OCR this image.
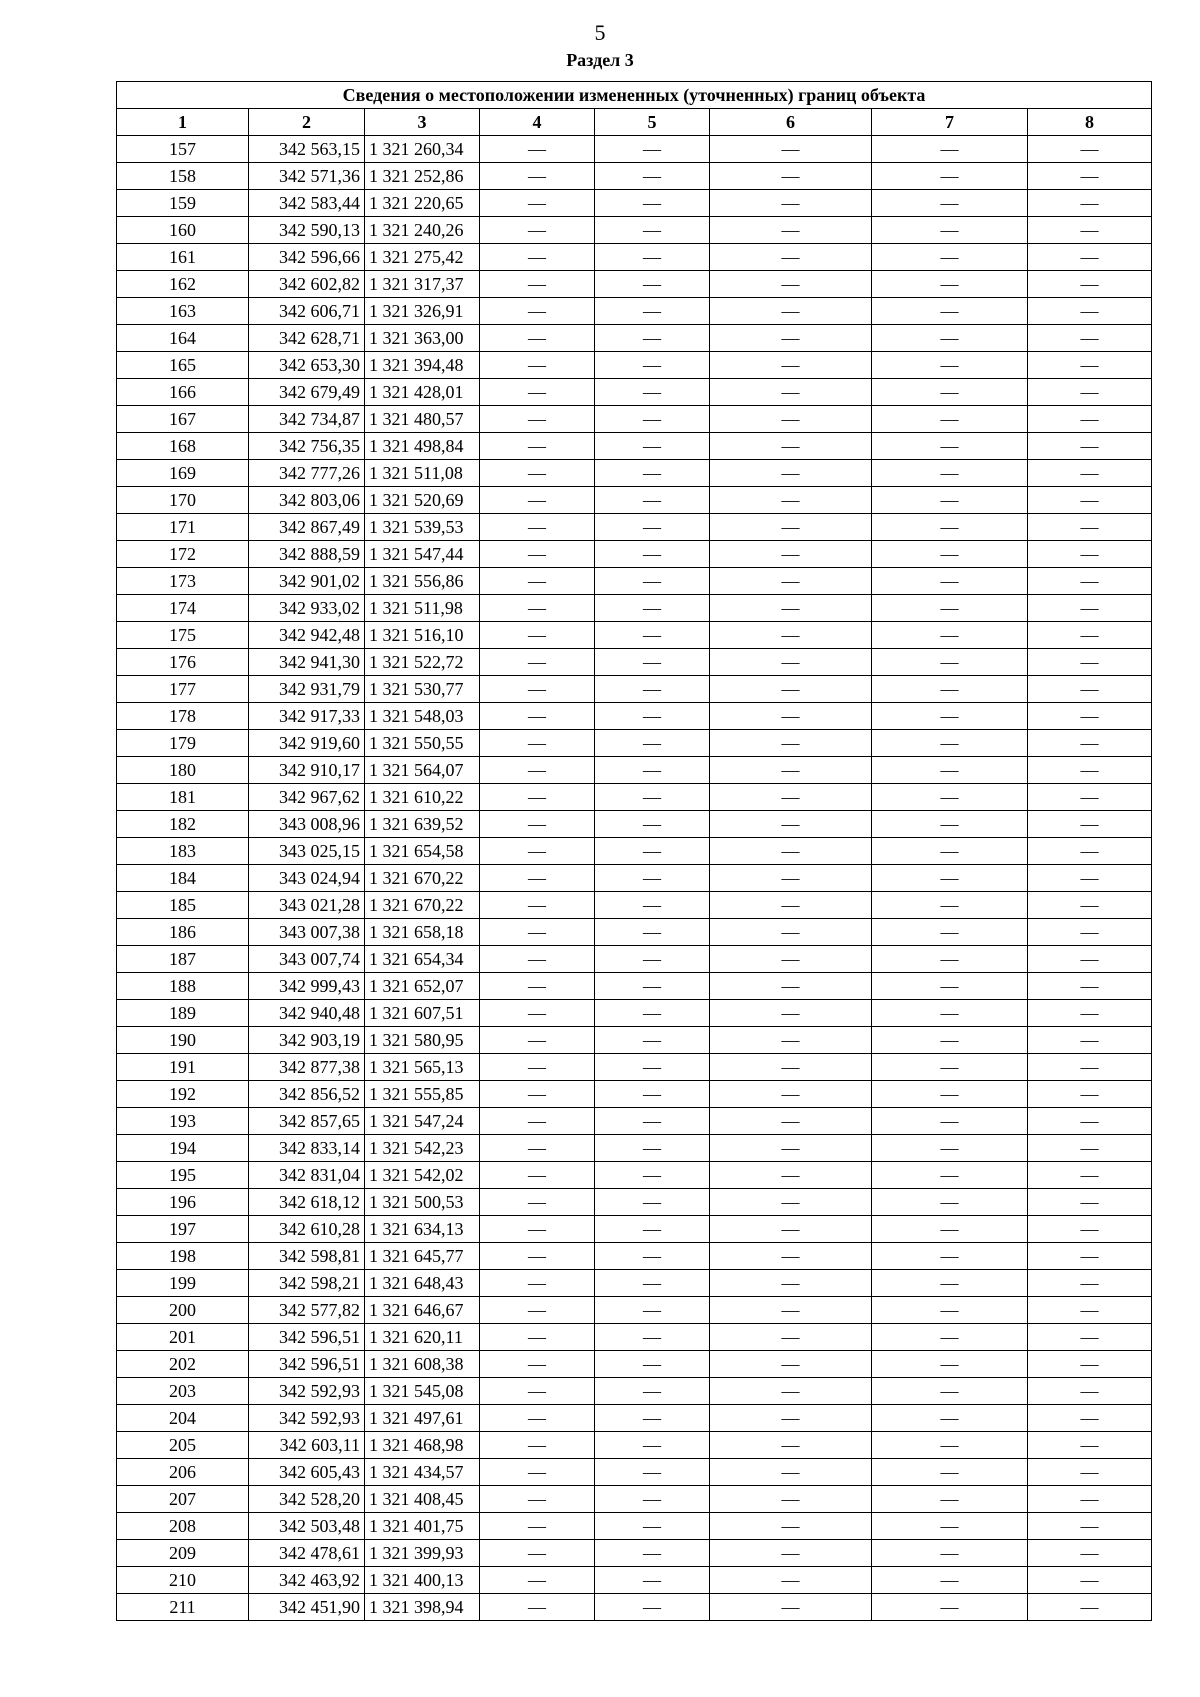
5
Раздел 3
Сведения о местоположении измененных (уточненных) границ объекта							
1	2	3	4	5	6	7	8
157	342 563,15	1 321 260,34	—	—	—	—	—
158	342 571,36	1 321 252,86	—	—	—	—	—
159	342 583,44	1 321 220,65	—	—	—	—	—
160	342 590,13	1 321 240,26	—	—	—	—	—
161	342 596,66	1 321 275,42	—	—	—	—	—
162	342 602,82	1 321 317,37	—	—	—	—	—
163	342 606,71	1 321 326,91	—	—	—	—	—
164	342 628,71	1 321 363,00	—	—	—	—	—
165	342 653,30	1 321 394,48	—	—	—	—	—
166	342 679,49	1 321 428,01	—	—	—	—	—
167	342 734,87	1 321 480,57	—	—	—	—	—
168	342 756,35	1 321 498,84	—	—	—	—	—
169	342 777,26	1 321 511,08	—	—	—	—	—
170	342 803,06	1 321 520,69	—	—	—	—	—
171	342 867,49	1 321 539,53	—	—	—	—	—
172	342 888,59	1 321 547,44	—	—	—	—	—
173	342 901,02	1 321 556,86	—	—	—	—	—
174	342 933,02	1 321 511,98	—	—	—	—	—
175	342 942,48	1 321 516,10	—	—	—	—	—
176	342 941,30	1 321 522,72	—	—	—	—	—
177	342 931,79	1 321 530,77	—	—	—	—	—
178	342 917,33	1 321 548,03	—	—	—	—	—
179	342 919,60	1 321 550,55	—	—	—	—	—
180	342 910,17	1 321 564,07	—	—	—	—	—
181	342 967,62	1 321 610,22	—	—	—	—	—
182	343 008,96	1 321 639,52	—	—	—	—	—
183	343 025,15	1 321 654,58	—	—	—	—	—
184	343 024,94	1 321 670,22	—	—	—	—	—
185	343 021,28	1 321 670,22	—	—	—	—	—
186	343 007,38	1 321 658,18	—	—	—	—	—
187	343 007,74	1 321 654,34	—	—	—	—	—
188	342 999,43	1 321 652,07	—	—	—	—	—
189	342 940,48	1 321 607,51	—	—	—	—	—
190	342 903,19	1 321 580,95	—	—	—	—	—
191	342 877,38	1 321 565,13	—	—	—	—	—
192	342 856,52	1 321 555,85	—	—	—	—	—
193	342 857,65	1 321 547,24	—	—	—	—	—
194	342 833,14	1 321 542,23	—	—	—	—	—
195	342 831,04	1 321 542,02	—	—	—	—	—
196	342 618,12	1 321 500,53	—	—	—	—	—
197	342 610,28	1 321 634,13	—	—	—	—	—
198	342 598,81	1 321 645,77	—	—	—	—	—
199	342 598,21	1 321 648,43	—	—	—	—	—
200	342 577,82	1 321 646,67	—	—	—	—	—
201	342 596,51	1 321 620,11	—	—	—	—	—
202	342 596,51	1 321 608,38	—	—	—	—	—
203	342 592,93	1 321 545,08	—	—	—	—	—
204	342 592,93	1 321 497,61	—	—	—	—	—
205	342 603,11	1 321 468,98	—	—	—	—	—
206	342 605,43	1 321 434,57	—	—	—	—	—
207	342 528,20	1 321 408,45	—	—	—	—	—
208	342 503,48	1 321 401,75	—	—	—	—	—
209	342 478,61	1 321 399,93	—	—	—	—	—
210	342 463,92	1 321 400,13	—	—	—	—	—
211	342 451,90	1 321 398,94	—	—	—	—	—
